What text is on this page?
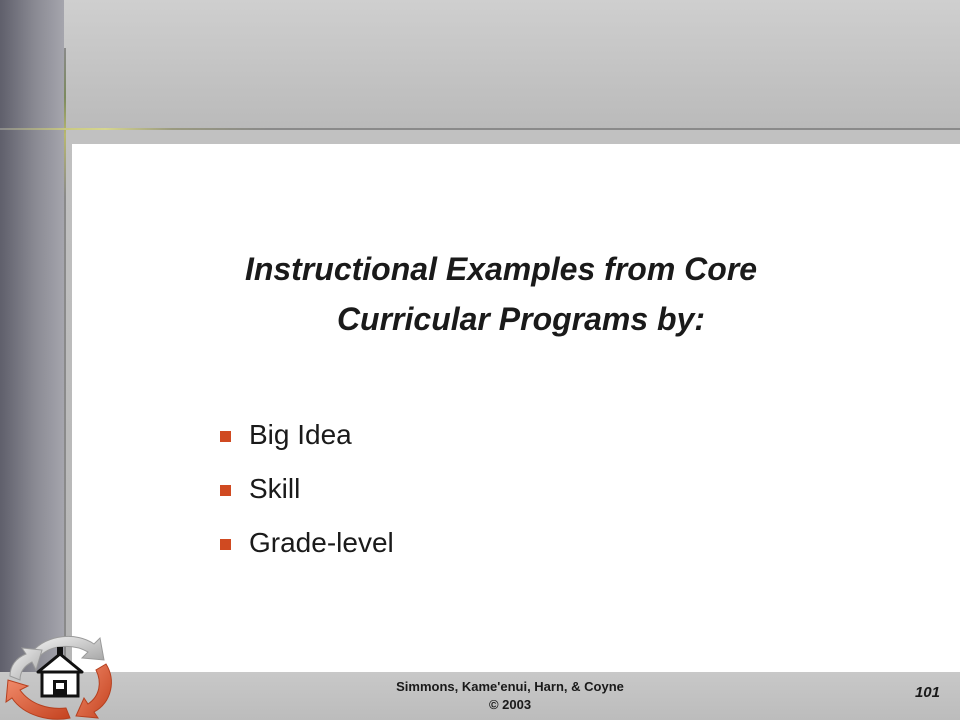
Instructional Examples from Core
Curricular Programs by:
Big Idea
Skill
Grade-level
Simmons, Kame'enui, Harn, & Coyne
© 2003
101
